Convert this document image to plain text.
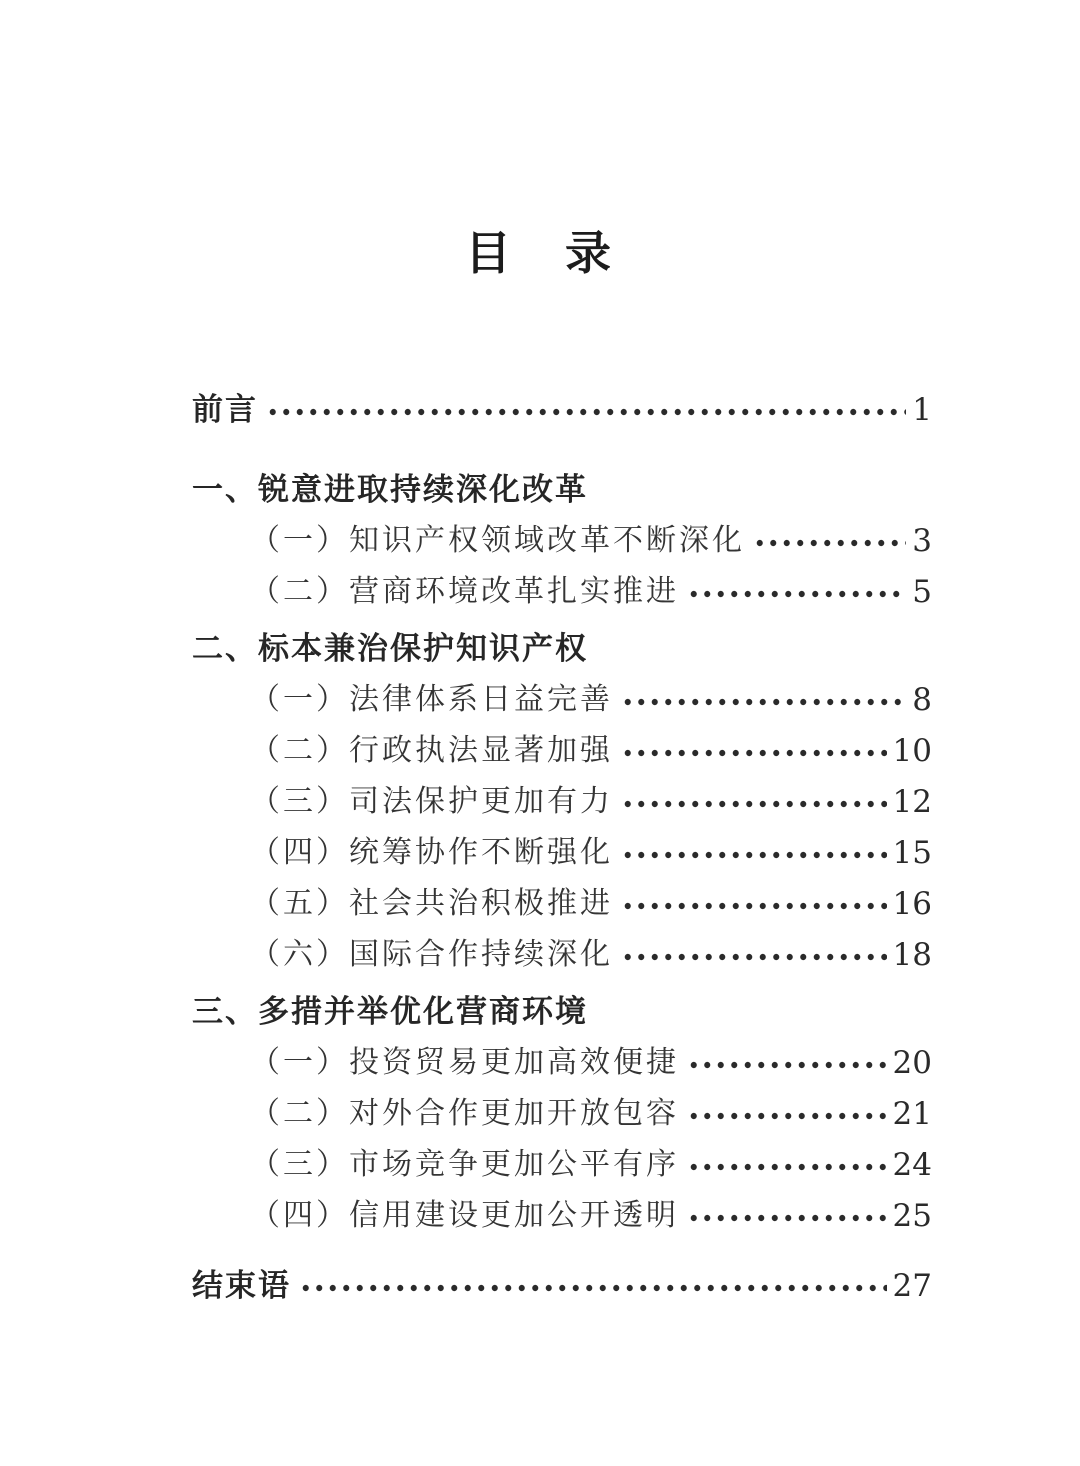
目　录
前言	1
一、锐意进取持续深化改革
（一）知识产权领域改革不断深化	3
（二）营商环境改革扎实推进	5
二、标本兼治保护知识产权
（一）法律体系日益完善	8
（二）行政执法显著加强	10
（三）司法保护更加有力	12
（四）统筹协作不断强化	15
（五）社会共治积极推进	16
（六）国际合作持续深化	18
三、多措并举优化营商环境
（一）投资贸易更加高效便捷	20
（二）对外合作更加开放包容	21
（三）市场竞争更加公平有序	24
（四）信用建设更加公开透明	25
结束语	27
